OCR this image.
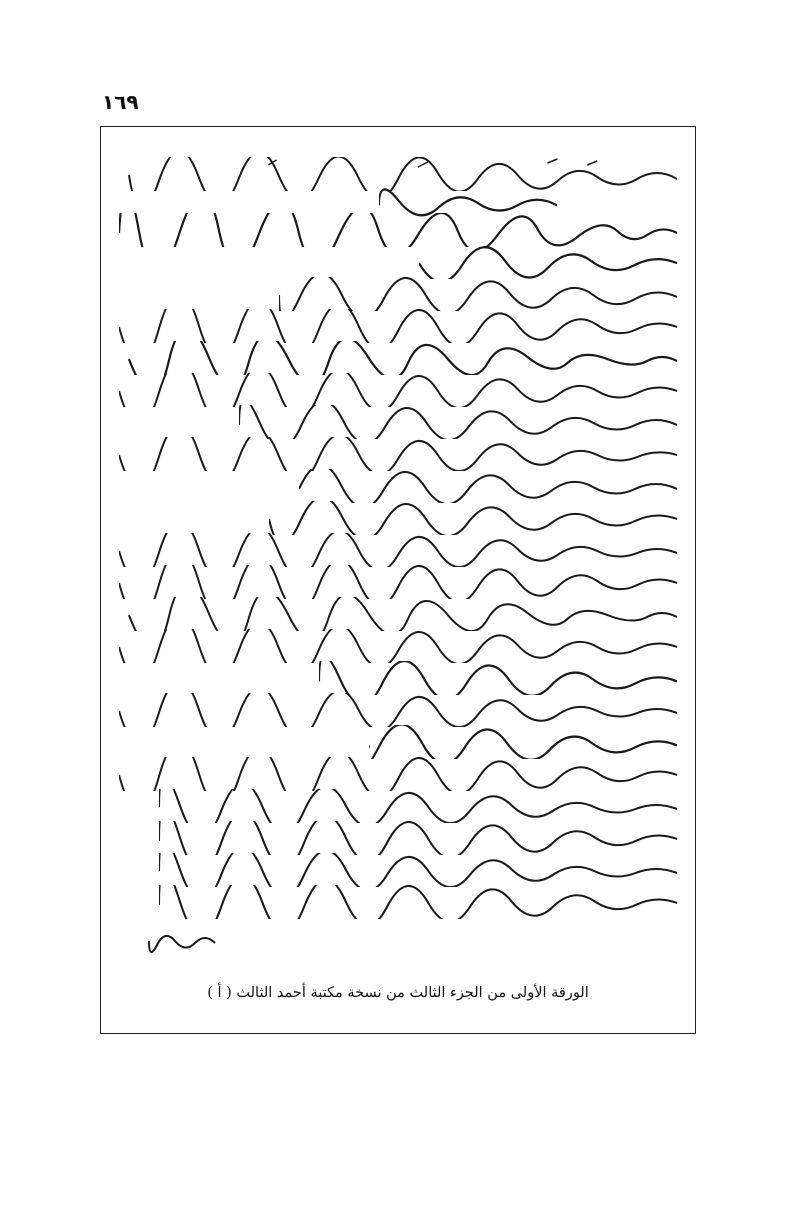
١٦٩
الورقة الأولى من الجزء الثالث من نسخة مكتبة أحمد الثالث ( أ )
